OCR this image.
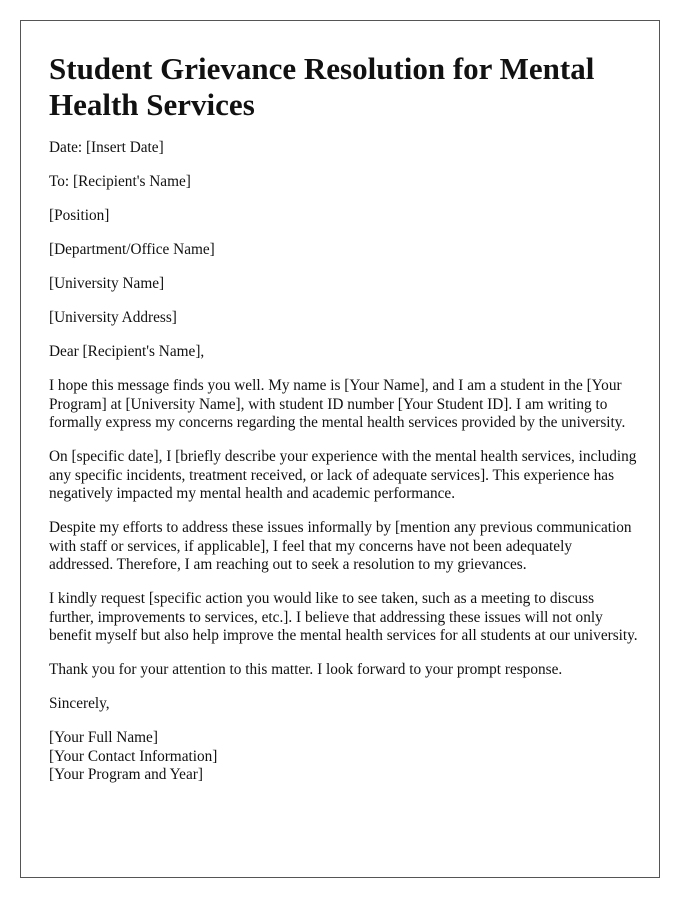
Student Grievance Resolution for Mental Health Services

Date: [Insert Date]

To: [Recipient's Name]

[Position]

[Department/Office Name]

[University Name]

[University Address]

Dear [Recipient's Name],

I hope this message finds you well. My name is [Your Name], and I am a student in the [Your Program] at [University Name], with student ID number [Your Student ID]. I am writing to formally express my concerns regarding the mental health services provided by the university.

On [specific date], I [briefly describe your experience with the mental health services, including any specific incidents, treatment received, or lack of adequate services]. This experience has negatively impacted my mental health and academic performance.

Despite my efforts to address these issues informally by [mention any previous communication with staff or services, if applicable], I feel that my concerns have not been adequately addressed. Therefore, I am reaching out to seek a resolution to my grievances.

I kindly request [specific action you would like to see taken, such as a meeting to discuss further, improvements to services, etc.]. I believe that addressing these issues will not only benefit myself but also help improve the mental health services for all students at our university.

Thank you for your attention to this matter. I look forward to your prompt response.

Sincerely,

[Your Full Name]

[Your Contact Information]

[Your Program and Year]
